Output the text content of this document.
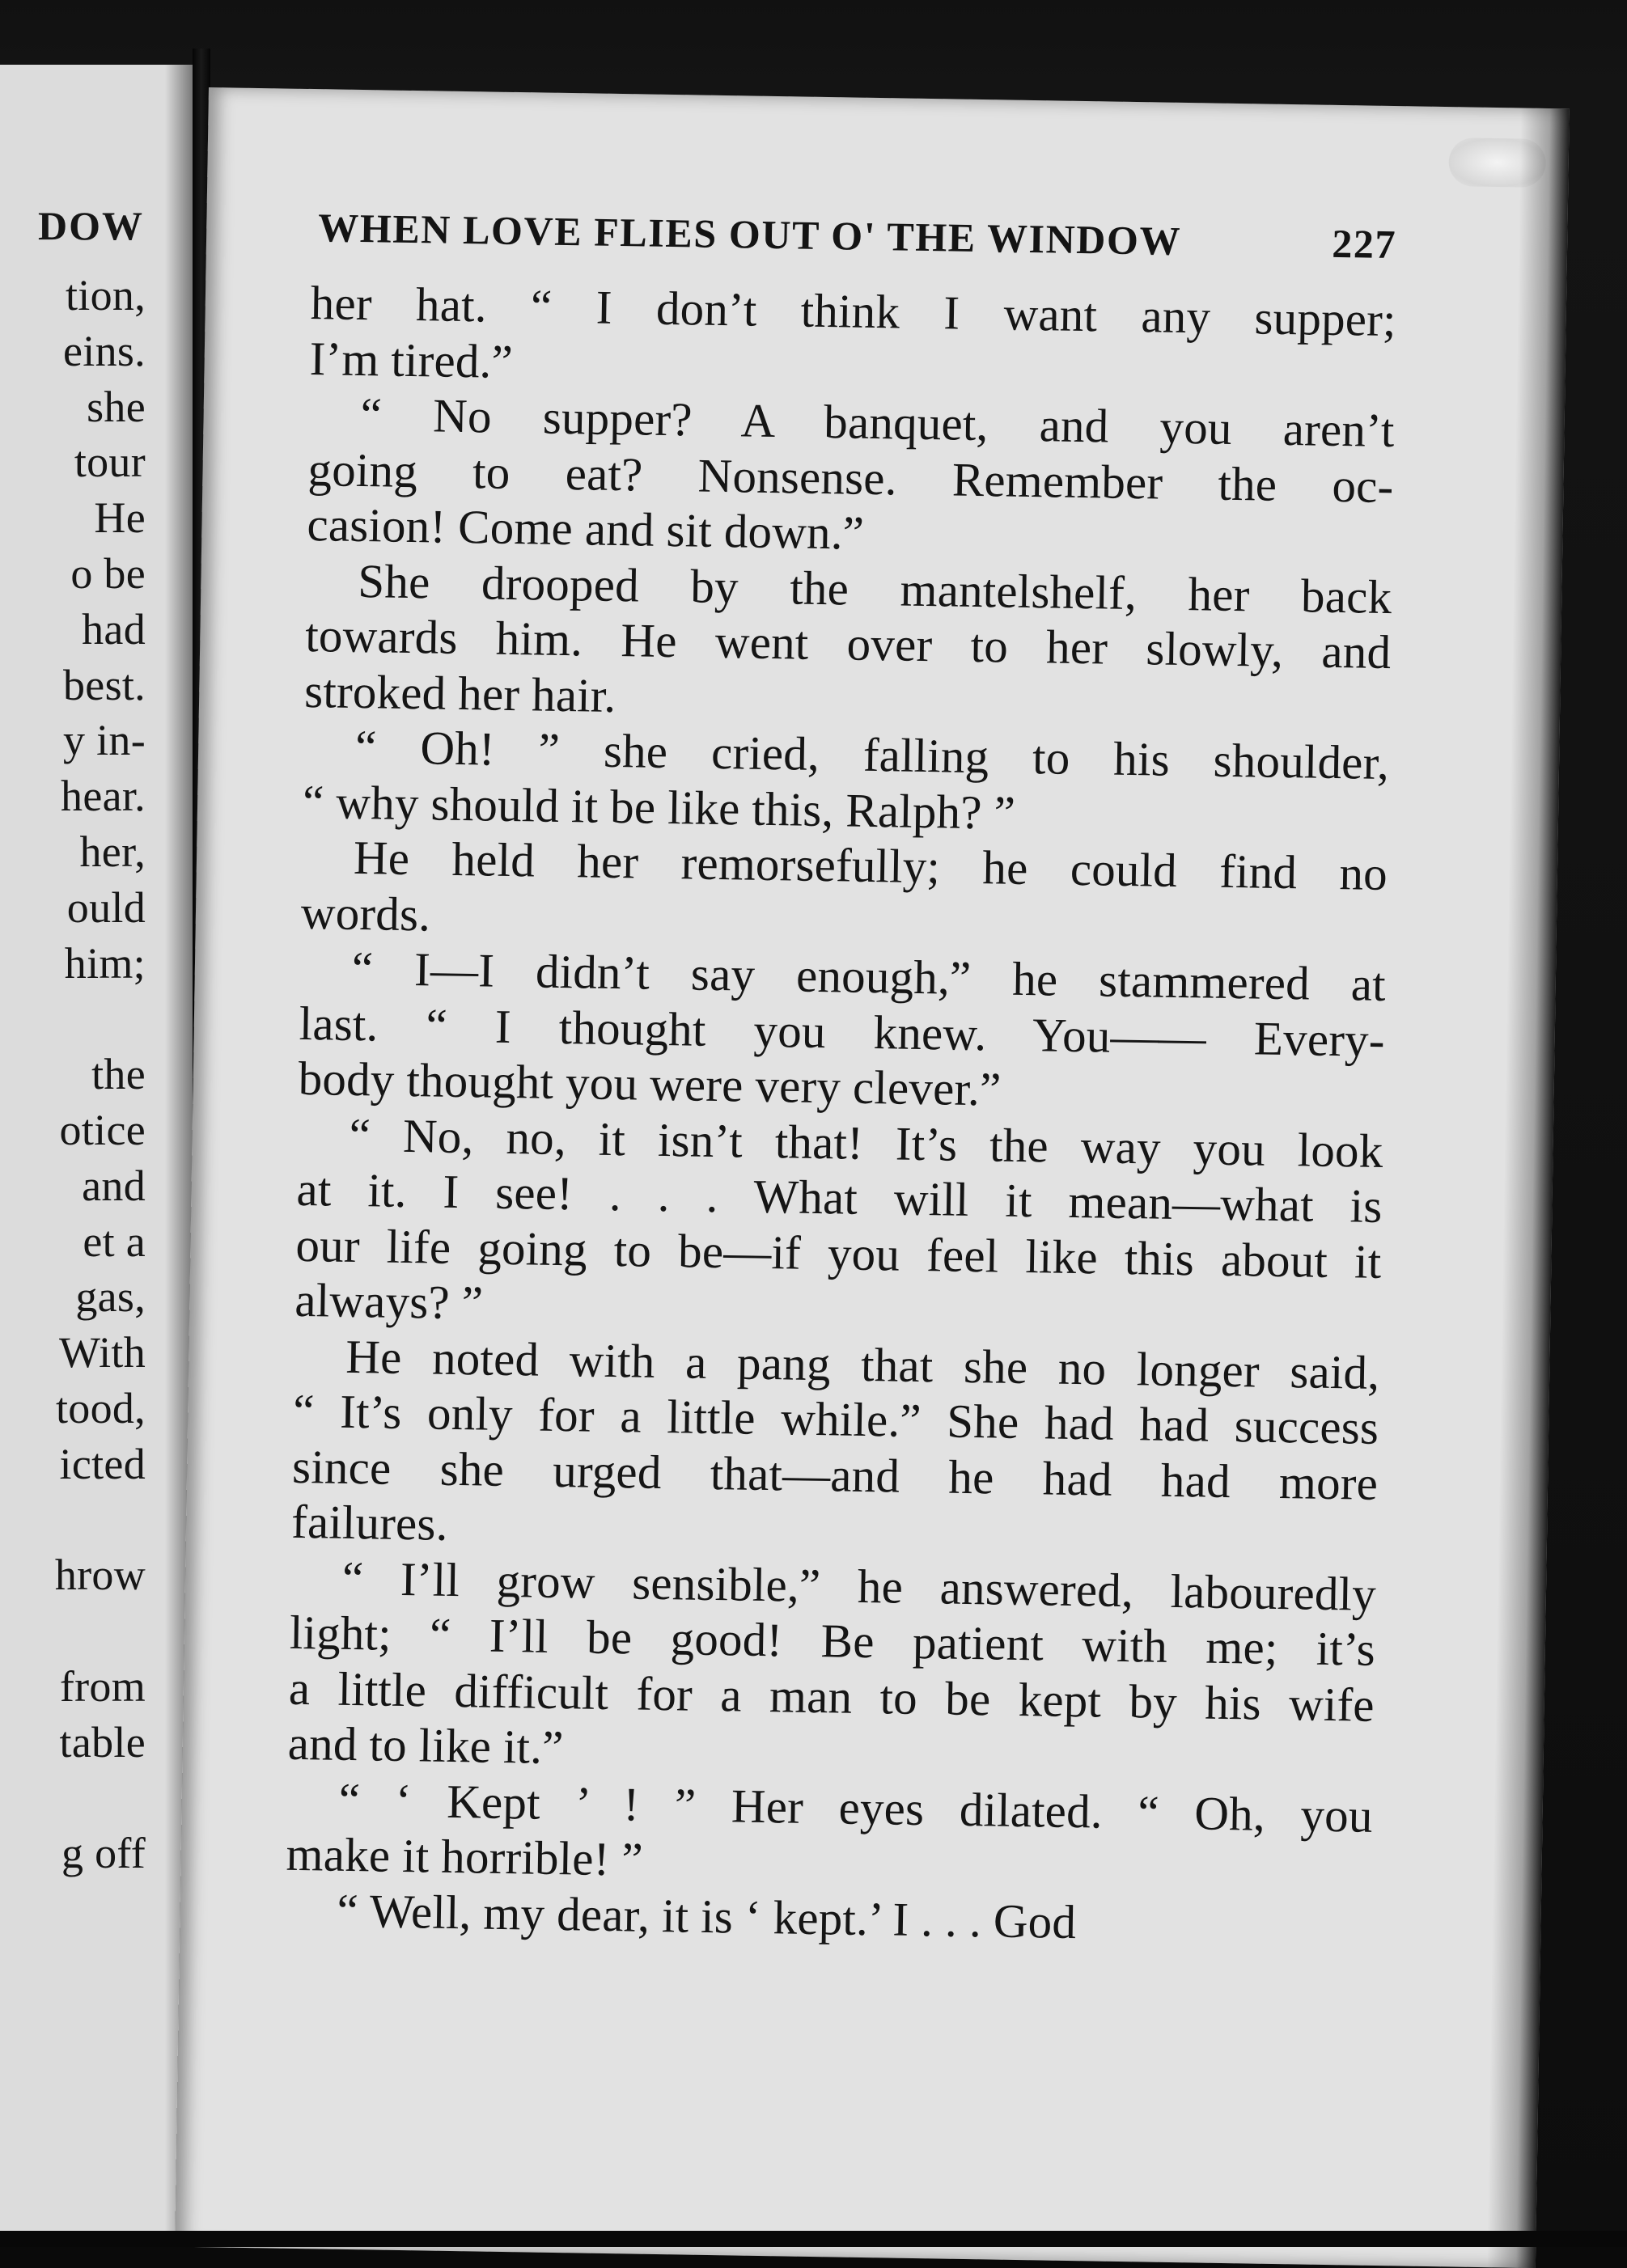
DOW
tion,
eins.
she
tour
He
o be
had
best.
y in-
hear.
her,
ould
him;
the
otice
and
et a
gas,
With
tood,
icted
hrow
from
table
g off
WHEN LOVE FLIES OUT O' THE WINDOW	227
her hat. “ I don’t think I want any supper;
I’m tired.”
“ No supper? A banquet, and you aren’t
going to eat? Nonsense. Remember the oc-
casion! Come and sit down.”
She drooped by the mantelshelf, her back
towards him. He went over to her slowly, and
stroked her hair.
“ Oh! ” she cried, falling to his shoulder,
“ why should it be like this, Ralph? ”
He held her remorsefully; he could find no
words.
“ I—I didn’t say enough,” he stammered at
last. “ I thought you knew. You—— Every-
body thought you were very clever.”
“ No, no, it isn’t that! It’s the way you look
at it. I see! . . . What will it mean—what is
our life going to be—if you feel like this about it
always? ”
He noted with a pang that she no longer said,
“ It’s only for a little while.” She had had success
since she urged that—and he had had more
failures.
“ I’ll grow sensible,” he answered, labouredly
light; “ I’ll be good! Be patient with me; it’s
a little difficult for a man to be kept by his wife
and to like it.”
“ ‘ Kept ’ ! ” Her eyes dilated. “ Oh, you
make it horrible! ”
“ Well, my dear, it is ‘ kept.’ I . . . God
